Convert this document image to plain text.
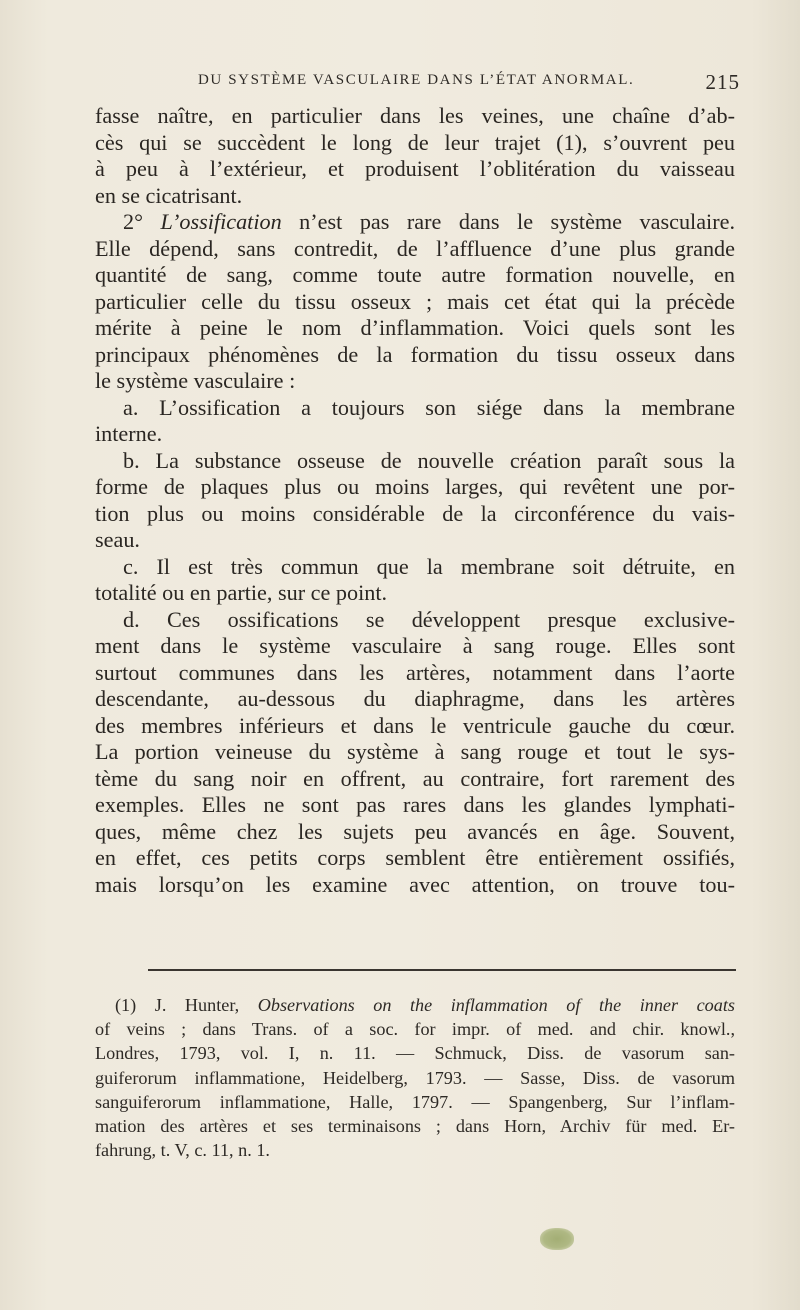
DU SYSTÈME VASCULAIRE DANS L’ÉTAT ANORMAL.	215
fasse naître, en particulier dans les veines, une chaîne d’ab-
cès qui se succèdent le long de leur trajet (1), s’ouvrent peu
à peu à l’extérieur, et produisent l’oblitération du vaisseau
en se cicatrisant.
2° L’ossification n’est pas rare dans le système vasculaire.
Elle dépend, sans contredit, de l’affluence d’une plus grande
quantité de sang, comme toute autre formation nouvelle, en
particulier celle du tissu osseux ; mais cet état qui la précède
mérite à peine le nom d’inflammation. Voici quels sont les
principaux phénomènes de la formation du tissu osseux dans
le système vasculaire :
a. L’ossification a toujours son siége dans la membrane
interne.
b. La substance osseuse de nouvelle création paraît sous la
forme de plaques plus ou moins larges, qui revêtent une por-
tion plus ou moins considérable de la circonférence du vais-
seau.
c. Il est très commun que la membrane soit détruite, en
totalité ou en partie, sur ce point.
d. Ces ossifications se développent presque exclusive-
ment dans le système vasculaire à sang rouge. Elles sont
surtout communes dans les artères, notamment dans l’aorte
descendante, au-dessous du diaphragme, dans les artères
des membres inférieurs et dans le ventricule gauche du cœur.
La portion veineuse du système à sang rouge et tout le sys-
tème du sang noir en offrent, au contraire, fort rarement des
exemples. Elles ne sont pas rares dans les glandes lymphati-
ques, même chez les sujets peu avancés en âge. Souvent,
en effet, ces petits corps semblent être entièrement ossifiés,
mais lorsqu’on les examine avec attention, on trouve tou-
(1) J. Hunter, Observations on the inflammation of the inner coats
of veins ; dans Trans. of a soc. for impr. of med. and chir. knowl.,
Londres, 1793, vol. I, n. 11. — Schmuck, Diss. de vasorum san-
guiferorum inflammatione, Heidelberg, 1793. — Sasse, Diss. de vasorum
sanguiferorum inflammatione, Halle, 1797. — Spangenberg, Sur l’inflam-
mation des artères et ses terminaisons ; dans Horn, Archiv für med. Er-
fahrung, t. V, c. 11, n. 1.
